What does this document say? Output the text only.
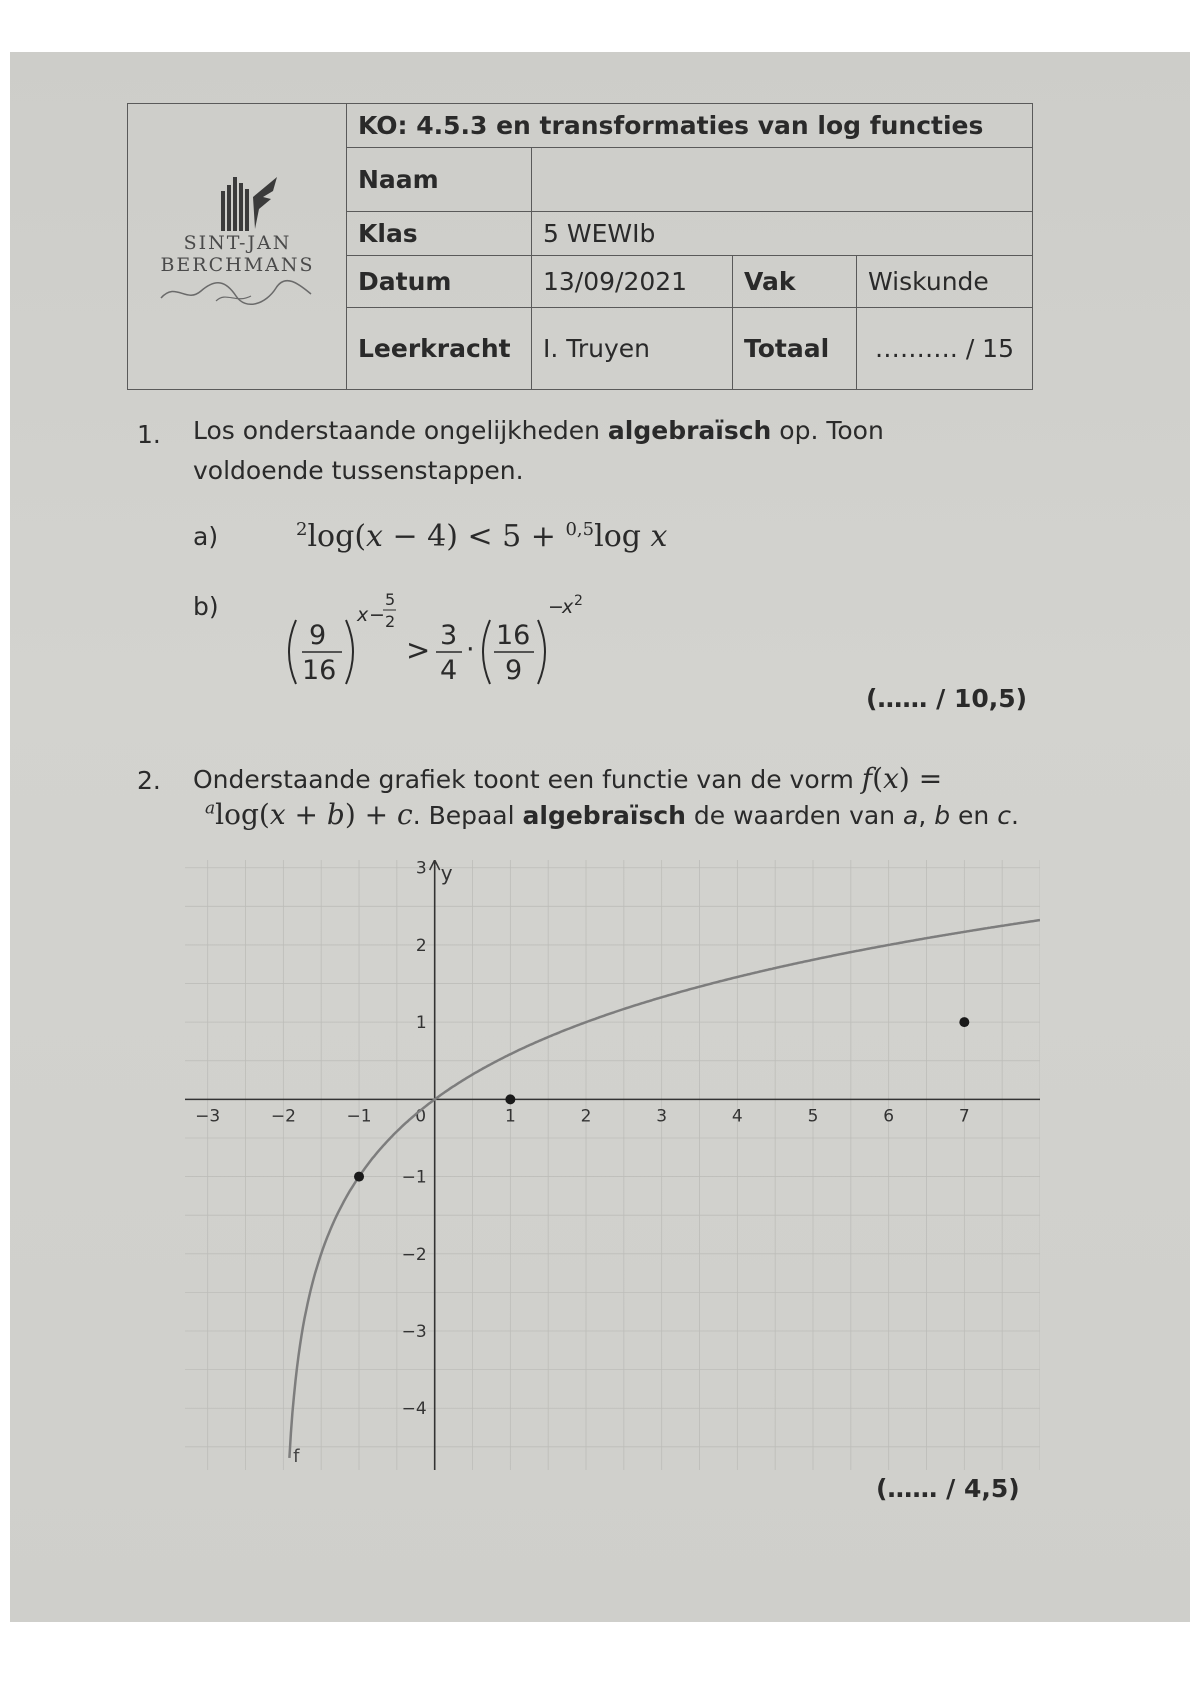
SINT-JAN
BERCHMANS
KO: 4.5.3 en transformaties van log functies
Naam
Klas	5 WEWIb
Datum	13/09/2021	Vak	Wiskunde
Leerkracht	I. Truyen	Totaal	………. / 15
1. Los onderstaande ongelijkheden algebraïsch op. Toon
voldoende tussenstappen.
a)	$^2$log(x − 4) < 5 + $^{0,5}$log x
b)
9
16
x −
5
2
> 3
4
· 16
9
−
x 2
(…… / 10,5)
2. Onderstaande grafiek toont een functie van de vorm f(x) =
$^a$log(x + b) + c. Bepaal algebraïsch de waarden van a, b en c.
y
−3	−2	−1	0	1	2	3	4	5	6	7
−4
−3
−2
−1
1
2
3
f
(…… / 4,5)
